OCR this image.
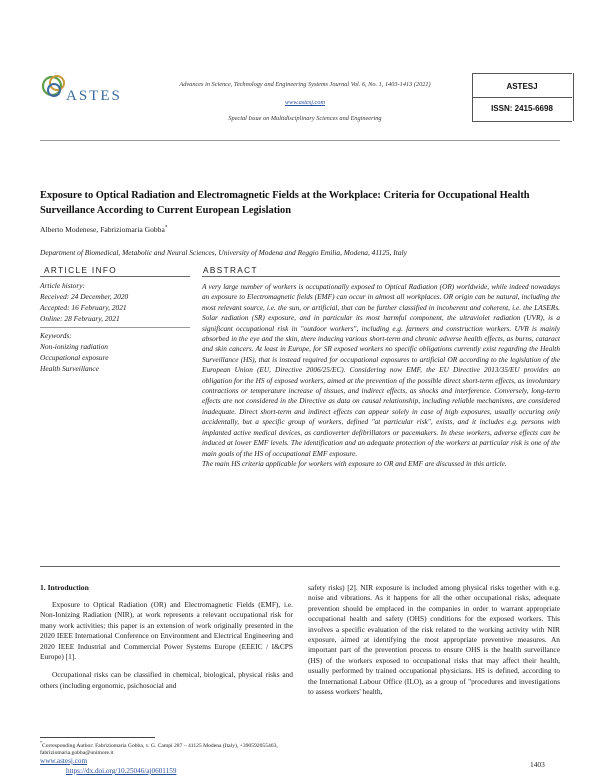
ASTES
Advances in Science, Technology and Engineering Systems Journal Vol. 6, No. 1, 1403-1413 (2021)
www.astesj.com
Special Issue on Multidisciplinary Sciences and Engineering
ASTESJ
ISSN: 2415-6698
Exposure to Optical Radiation and Electromagnetic Fields at the Workplace: Criteria for Occupational Health Surveillance According to Current European Legislation
Alberto Modenese, Fabriziomaria Gobba*
Department of Biomedical, Metabolic and Neural Sciences, University of Modena and Reggio Emilia, Modena, 41125, Italy
ARTICLE INFO	ABSTRACT
Article history:
Received: 24 December, 2020
Accepted: 16 February, 2021
Online: 28 February, 2021
Keywords:
Non-ionizing radiation
Occupational exposure
Health Surveillance

A very large number of workers is occupationally exposed to Optical Radiation (OR) worldwide, while indeed nowadays an exposure to Electromagnetic fields (EMF) can occur in almost all workplaces. OR origin can be natural, including the most relevant source, i.e. the sun, or artificial, that can be further classified in incoherent and coherent, i.e. the LASERs. Solar radiation (SR) exposure, and in particular its most harmful component, the ultraviolet radiation (UVR), is a significant occupational risk in "outdoor workers", including e.g. farmers and construction workers. UVR is mainly absorbed in the eye and the skin, there inducing various short-term and chronic adverse health effects, as burns, cataract and skin cancers. At least in Europe, for SR exposed workers no specific obligations currently exist regarding the Health Surveillance (HS), that is instead required for occupational exposures to artificial OR according to the legislation of the European Union (EU, Directive 2006/25/EC). Considering now EMF, the EU Directive 2013/35/EU provides an obligation for the HS of exposed workers, aimed at the prevention of the possible direct short-term effects, as involuntary contractions or temperature increase of tissues, and indirect effects, as shocks and interference. Conversely, long-term effects are not considered in the Directive as data on causal relationship, including reliable mechanisms, are considered inadequate. Direct short-term and indirect effects can appear solely in case of high exposures, usually occuring only accidentally, but a specific group of workers, defined "at particular risk", exists, and it includes e.g. persons with implanted active medical devices, as cardioverter defibrillators or pacemakers. In these workers, adverse effects can be induced at lower EMF levels. The identification and an adequate protection of the workers at particular risk is one of the main goals of the HS of occupational EMF exposure.

The main HS criteria applicable for workers with exposure to OR and EMF are discussed in this article.

1. Introduction

Exposure to Optical Radiation (OR) and Electromagnetic Fields (EMF), i.e. Non-Ionizing Radiation (NIR), at work represents a relevant occupational risk for many work activities; this paper is an extension of work originally presented in the 2020 IEEE International Conference on Environment and Electrical Engineering and 2020 IEEE Industrial and Commercial Power Systems Europe (EEEIC / I&CPS Europe) [1].

Occupational risks can be classified in chemical, biological, physical risks and others (including ergonomic, psichosocial and

safety risks) [2]. NIR exposure is included among physical risks together with e.g. noise and vibrations. As it happens for all the other occupational risks, adequate prevention should be emplaced in the companies in order to warrant appropriate occupational health and safety (OHS) conditions for the exposed workers. This involves a specific evaluation of the risk related to the working activity with NIR exposure, aimed at identifying the most appropriate preventive measures. An important part of the prevention process to ensure OHS is the health surveillance (HS) of the workers exposed to occupational risks that may affect their health, usually performed by trained occupational physicians. HS is defined, according to the International Labour Office (ILO), as a group of "procedures and investigations to assess workers' health,

*Corresponding Author: Fabriziomaria Gobba, v. G. Campi 287 – 41125 Modena (Italy), +390592055463, fabriziomaria.gobba@unimore.it
www.astesj.com
https://dx.doi.org/10.25046/aj0601159
1403
